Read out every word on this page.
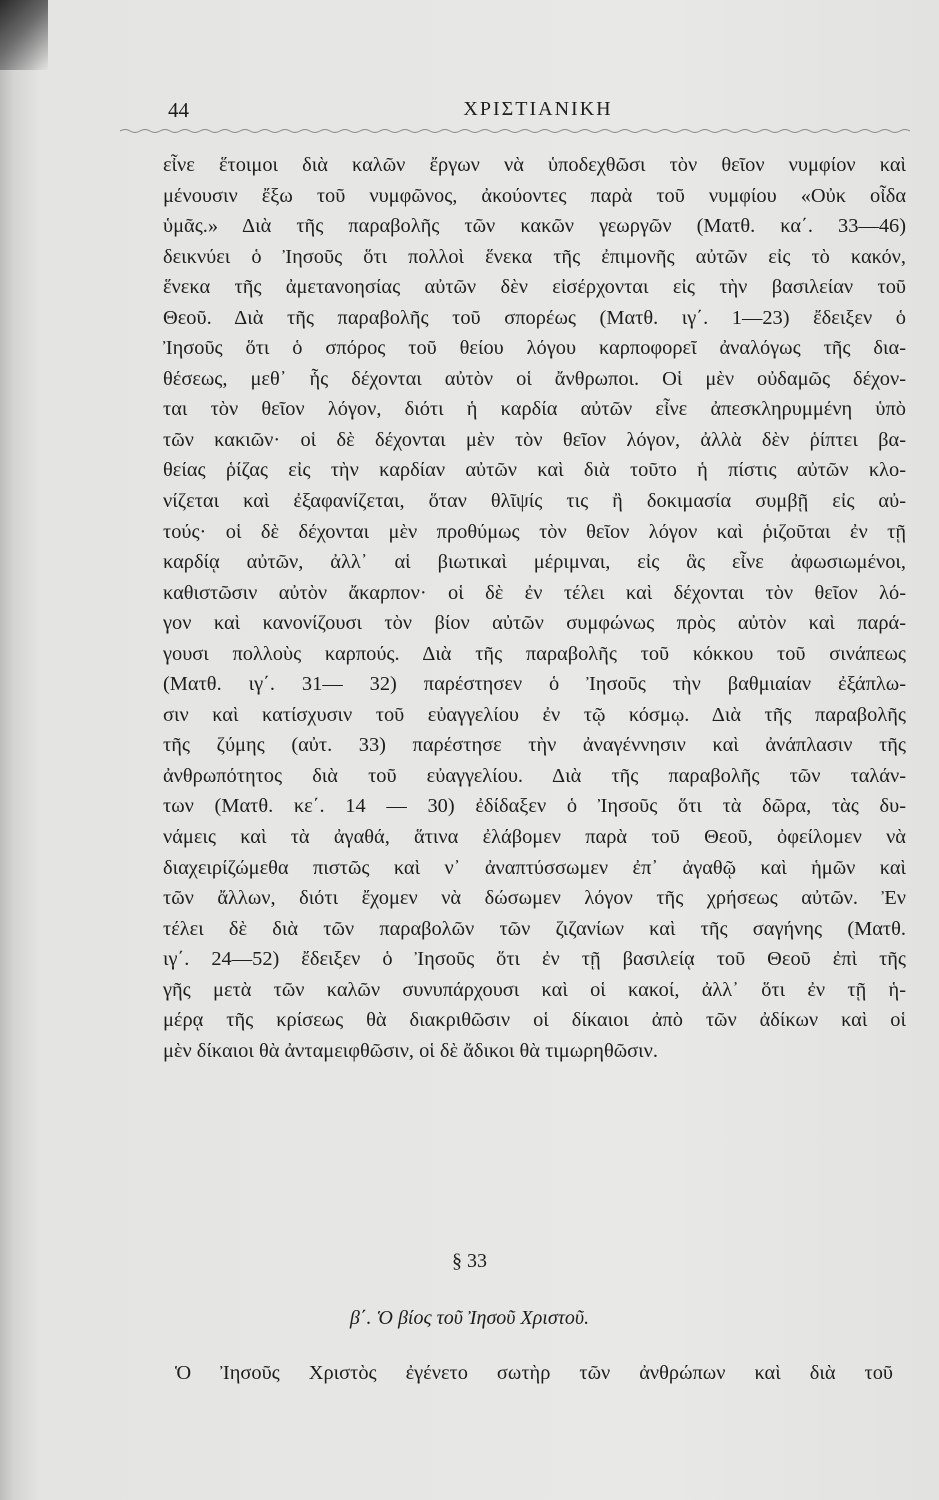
44	ΧΡΙΣΤΙΑΝΙΚΗ
εἶνε ἕτοιμοι διὰ καλῶν ἔργων νὰ ὑποδεχθῶσι τὸν θεῖον νυμφίον καὶ
μένουσιν ἔξω τοῦ νυμφῶνος, ἀκούοντες παρὰ τοῦ νυμφίου «Οὐκ οἶδα
ὑμᾶς.» Διὰ τῆς παραβολῆς τῶν κακῶν γεωργῶν (Ματθ. κα΄. 33—46)
δεικνύει ὁ Ἰησοῦς ὅτι πολλοὶ ἕνεκα τῆς ἐπιμονῆς αὐτῶν εἰς τὸ κακόν,
ἕνεκα τῆς ἀμετανοησίας αὐτῶν δὲν εἰσέρχονται εἰς τὴν βασιλείαν τοῦ
Θεοῦ. Διὰ τῆς παραβολῆς τοῦ σπορέως (Ματθ. ιγ΄. 1—23) ἔδειξεν ὁ
Ἰησοῦς ὅτι ὁ σπόρος τοῦ θείου λόγου καρποφορεῖ ἀναλόγως τῆς δια-
θέσεως, μεθ᾽ ἧς δέχονται αὐτὸν οἱ ἄνθρωποι. Οἱ μὲν οὐδαμῶς δέχον-
ται τὸν θεῖον λόγον, διότι ἡ καρδία αὐτῶν εἶνε ἀπεσκληρυμμένη ὑπὸ
τῶν κακιῶν· οἱ δὲ δέχονται μὲν τὸν θεῖον λόγον, ἀλλὰ δὲν ῥίπτει βα-
θείας ῥίζας εἰς τὴν καρδίαν αὐτῶν καὶ διὰ τοῦτο ἡ πίστις αὐτῶν κλο-
νίζεται καὶ ἐξαφανίζεται, ὅταν θλῖψίς τις ἢ δοκιμασία συμβῇ εἰς αὐ-
τούς· οἱ δὲ δέχονται μὲν προθύμως τὸν θεῖον λόγον καὶ ῥιζοῦται ἐν τῇ
καρδίᾳ αὐτῶν, ἀλλ᾽ αἱ βιωτικαὶ μέριμναι, εἰς ἃς εἶνε ἀφωσιωμένοι,
καθιστῶσιν αὐτὸν ἄκαρπον· οἱ δὲ ἐν τέλει καὶ δέχονται τὸν θεῖον λό-
γον καὶ κανονίζουσι τὸν βίον αὐτῶν συμφώνως πρὸς αὐτὸν καὶ παρά-
γουσι πολλοὺς καρπούς. Διὰ τῆς παραβολῆς τοῦ κόκκου τοῦ σινάπεως
(Ματθ. ιγ΄. 31— 32) παρέστησεν ὁ Ἰησοῦς τὴν βαθμιαίαν ἐξάπλω-
σιν καὶ κατίσχυσιν τοῦ εὐαγγελίου ἐν τῷ κόσμῳ. Διὰ τῆς παραβολῆς
τῆς ζύμης (αὐτ. 33) παρέστησε τὴν ἀναγέννησιν καὶ ἀνάπλασιν τῆς
ἀνθρωπότητος διὰ τοῦ εὐαγγελίου. Διὰ τῆς παραβολῆς τῶν ταλάν-
των (Ματθ. κε΄. 14 — 30) ἐδίδαξεν ὁ Ἰησοῦς ὅτι τὰ δῶρα, τὰς δυ-
νάμεις καὶ τὰ ἀγαθά, ἅτινα ἐλάβομεν παρὰ τοῦ Θεοῦ, ὀφείλομεν νὰ
διαχειρίζώμεθα πιστῶς καὶ ν᾽ ἀναπτύσσωμεν ἐπ᾽ ἀγαθῷ καὶ ἡμῶν καὶ
τῶν ἄλλων, διότι ἔχομεν νὰ δώσωμεν λόγον τῆς χρήσεως αὐτῶν. Ἐν
τέλει δὲ διὰ τῶν παραβολῶν τῶν ζιζανίων καὶ τῆς σαγήνης (Ματθ.
ιγ΄. 24—52) ἔδειξεν ὁ Ἰησοῦς ὅτι ἐν τῇ βασιλείᾳ τοῦ Θεοῦ ἐπὶ τῆς
γῆς μετὰ τῶν καλῶν συνυπάρχουσι καὶ οἱ κακοί, ἀλλ᾽ ὅτι ἐν τῇ ἡ-
μέρᾳ τῆς κρίσεως θὰ διακριθῶσιν οἱ δίκαιοι ἀπὸ τῶν ἀδίκων καὶ οἱ
μὲν δίκαιοι θὰ ἀνταμειφθῶσιν, οἱ δὲ ἄδικοι θὰ τιμωρηθῶσιν.
§ 33
β΄. Ὁ βίος τοῦ Ἰησοῦ Χριστοῦ.
Ὁ Ἰησοῦς Χριστὸς ἐγένετο σωτὴρ τῶν ἀνθρώπων καὶ διὰ τοῦ
